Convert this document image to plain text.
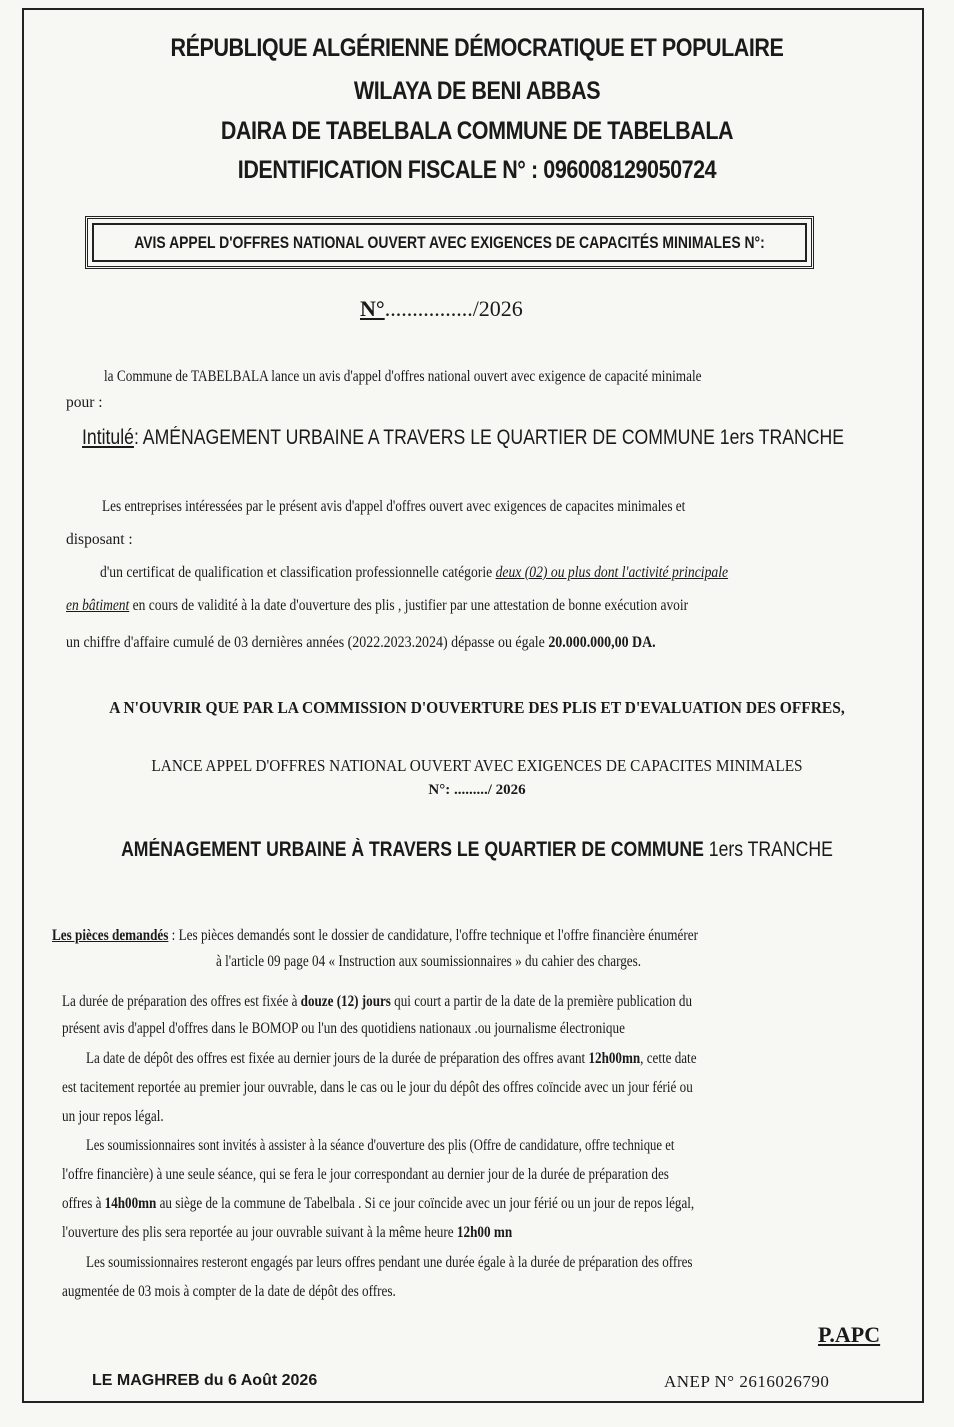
RÉPUBLIQUE ALGÉRIENNE DÉMOCRATIQUE ET POPULAIRE
WILAYA DE BENI ABBAS
DAIRA DE TABELBALA COMMUNE DE TABELBALA
IDENTIFICATION FISCALE N° : 096008129050724
AVIS APPEL D'OFFRES NATIONAL OUVERT AVEC EXIGENCES DE CAPACITÉS MINIMALES N°:
N°................/2026
la Commune de TABELBALA lance un avis d'appel d'offres national ouvert avec exigence de capacité minimale
pour :
Intitulé: AMÉNAGEMENT URBAINE A TRAVERS LE QUARTIER DE COMMUNE 1ers TRANCHE
Les entreprises intéressées par le présent avis d'appel d'offres ouvert avec exigences de capacites minimales et
disposant :
d'un certificat de qualification et classification professionnelle catégorie deux (02) ou plus dont l'activité principale
en bâtiment en cours de validité à la date d'ouverture des plis , justifier par une attestation de bonne exécution avoir
un chiffre d'affaire cumulé de 03 dernières années (2022.2023.2024) dépasse ou égale 20.000.000,00 DA.
A N'OUVRIR QUE PAR LA COMMISSION D'OUVERTURE DES PLIS ET D'EVALUATION DES OFFRES,
LANCE APPEL D'OFFRES NATIONAL OUVERT AVEC EXIGENCES DE CAPACITES MINIMALES
N°: ........./ 2026
AMÉNAGEMENT URBAINE À TRAVERS LE QUARTIER DE COMMUNE 1ers TRANCHE
Les pièces demandés : Les pièces demandés sont le dossier de candidature, l'offre technique et l'offre financière énumérer
à l'article 09 page 04 « Instruction aux soumissionnaires » du cahier des charges.
La durée de préparation des offres est fixée à douze (12) jours qui court a partir de la date de la première publication du
présent avis d'appel d'offres dans le BOMOP ou l'un des quotidiens nationaux .ou journalisme électronique
La date de dépôt des offres est fixée au dernier jours de la durée de préparation des offres avant 12h00mn, cette date
est tacitement reportée au premier jour ouvrable, dans le cas ou le jour du dépôt des offres coïncide avec un jour férié ou
un jour repos légal.
Les soumissionnaires sont invités à assister à la séance d'ouverture des plis (Offre de candidature, offre technique et
l'offre financière) à une seule séance, qui se fera le jour correspondant au dernier jour de la durée de préparation des
offres à 14h00mn au siège de la commune de Tabelbala . Si ce jour coïncide avec un jour férié ou un jour de repos légal,
l'ouverture des plis sera reportée au jour ouvrable suivant à la même heure 12h00 mn
Les soumissionnaires resteront engagés par leurs offres pendant une durée égale à la durée de préparation des offres
augmentée de 03 mois à compter de la date de dépôt des offres.
P.APC
LE MAGHREB du 6 Août 2026	ANEP N° 2616026790
